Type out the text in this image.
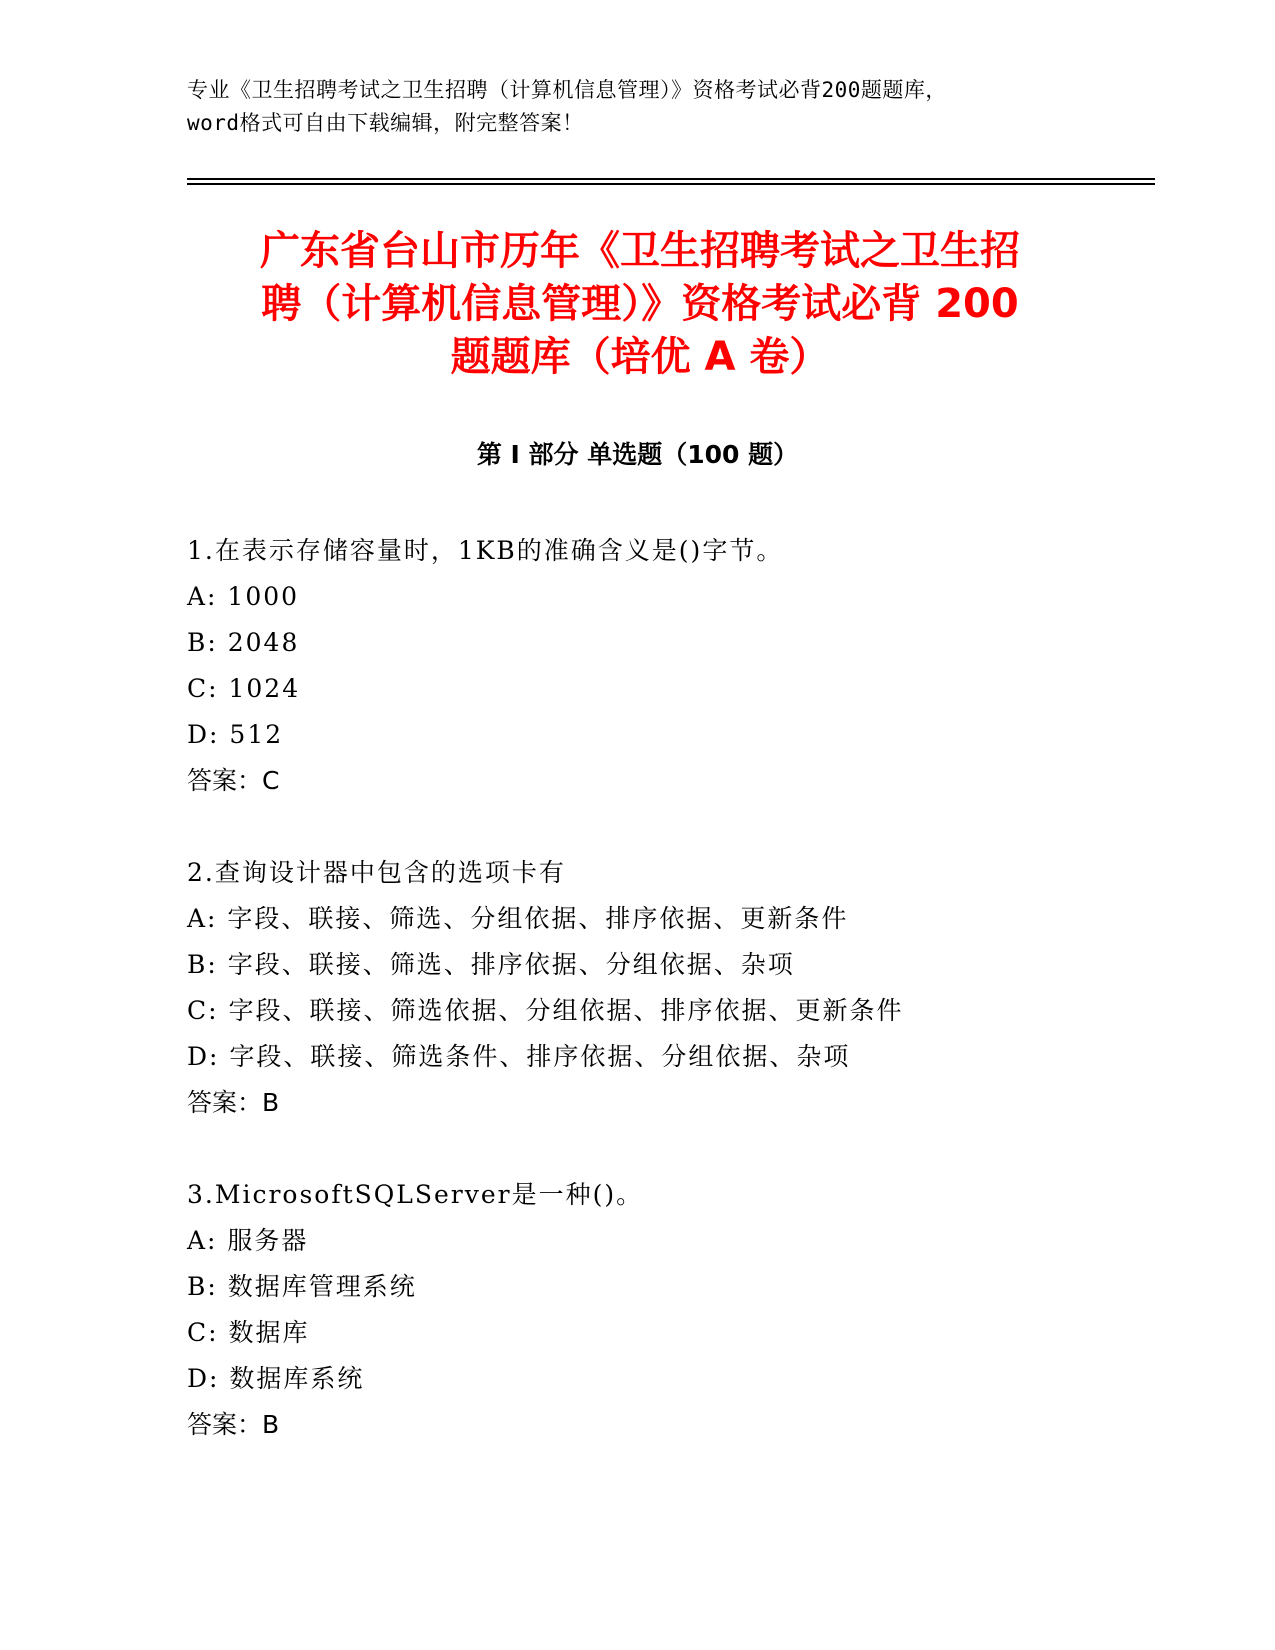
专业《卫生招聘考试之卫生招聘（计算机信息管理）》资格考试必背200题题库，
word格式可自由下载编辑，附完整答案！
广东省台山市历年《卫生招聘考试之卫生招
聘（计算机信息管理）》资格考试必背 200
题题库（培优 A 卷）
第 I 部分 单选题（100 题）
1.在表示存储容量时，1KB的准确含义是()字节。
A: 1000
B: 2048
C: 1024
D: 512
答案：C
2.查询设计器中包含的选项卡有
A: 字段、联接、筛选、分组依据、排序依据、更新条件
B: 字段、联接、筛选、排序依据、分组依据、杂项
C: 字段、联接、筛选依据、分组依据、排序依据、更新条件
D: 字段、联接、筛选条件、排序依据、分组依据、杂项
答案：B
3.MicrosoftSQLServer是一种()。
A: 服务器
B: 数据库管理系统
C: 数据库
D: 数据库系统
答案：B
